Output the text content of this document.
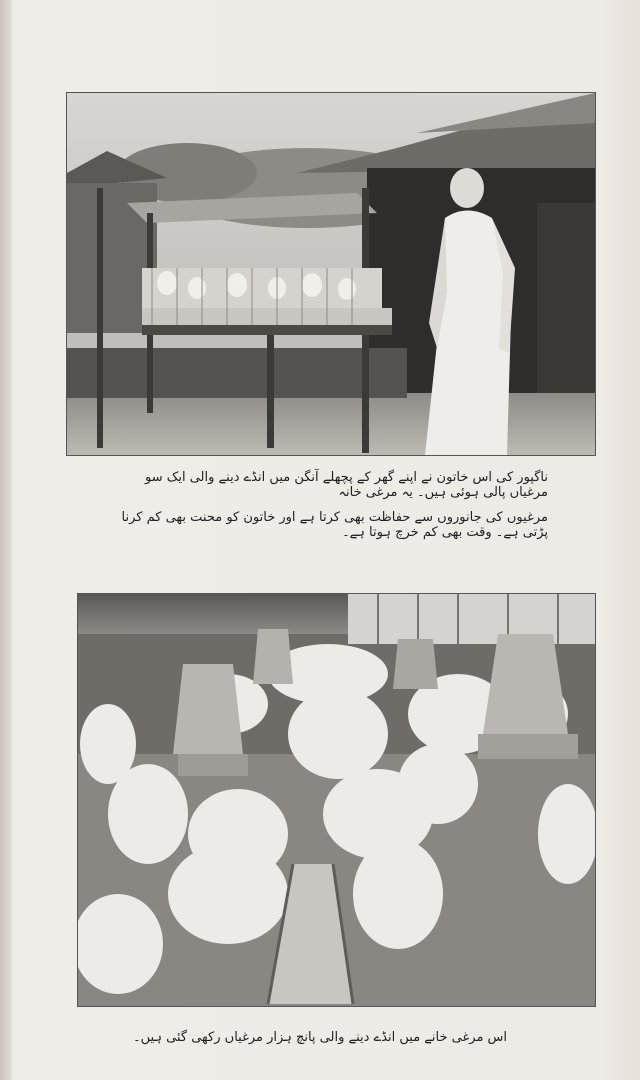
ناگپور کی اس خاتون نے اپنے گھر کے پچھلے آنگن میں انڈے دینے والی ایک سو مرغیاں پالی ہوئی ہیں۔ یہ مرغی خانہ
مرغیوں کی جانوروں سے حفاظت بھی کرتا ہے اور خاتون کو محنت بھی کم کرنا پڑتی ہے۔ وقت بھی کم خرچ ہوتا ہے۔
اس مرغی خانے میں انڈے دینے والی پانچ ہزار مرغیاں رکھی گئی ہیں۔
